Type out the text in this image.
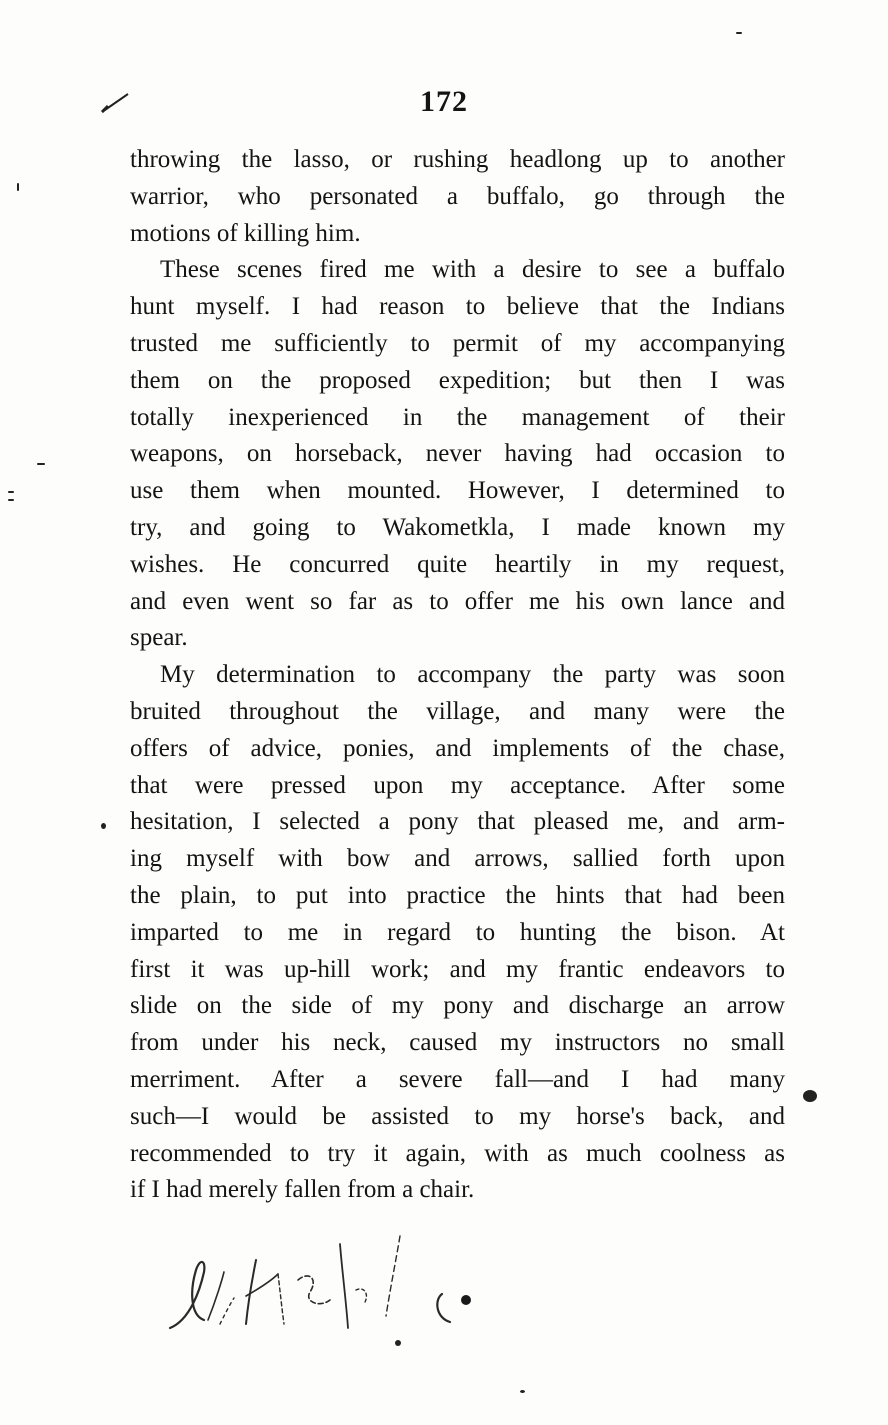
172
throwing the lasso, or rushing headlong up to another
warrior, who personated a buffalo, go through the
motions of killing him.
These scenes fired me with a desire to see a buffalo
hunt myself. I had reason to believe that the Indians
trusted me sufficiently to permit of my accompanying
them on the proposed expedition; but then I was
totally inexperienced in the management of their
weapons, on horseback, never having had occasion to
use them when mounted. However, I determined to
try, and going to Wakometkla, I made known my
wishes. He concurred quite heartily in my request,
and even went so far as to offer me his own lance and
spear.
My determination to accompany the party was soon
bruited throughout the village, and many were the
offers of advice, ponies, and implements of the chase,
that were pressed upon my acceptance. After some
hesitation, I selected a pony that pleased me, and arm-
ing myself with bow and arrows, sallied forth upon
the plain, to put into practice the hints that had been
imparted to me in regard to hunting the bison. At
first it was up-hill work; and my frantic endeavors to
slide on the side of my pony and discharge an arrow
from under his neck, caused my instructors no small
merriment. After a severe fall—and I had many
such—I would be assisted to my horse's back, and
recommended to try it again, with as much coolness as
if I had merely fallen from a chair.
